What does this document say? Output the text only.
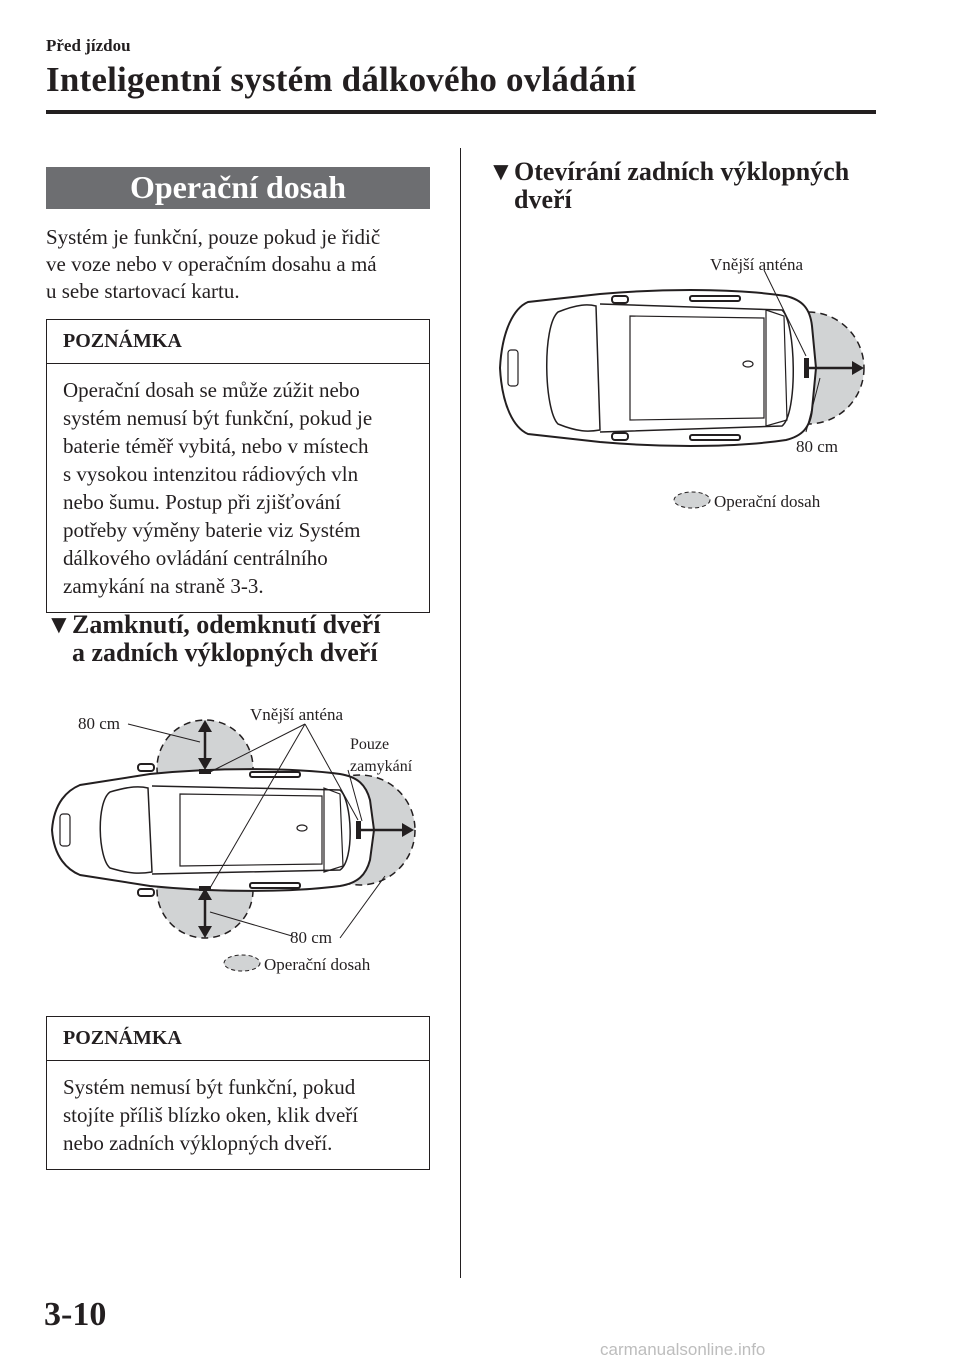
Před jízdou
Inteligentní systém dálkového ovládání
Operační dosah
Systém je funkční, pouze pokud je řidič
ve voze nebo v operačním dosahu a má
u sebe startovací kartu.
POZNÁMKA
Operační dosah se může zúžit nebo
systém nemusí být funkční, pokud je
baterie téměř vybitá, nebo v místech
s vysokou intenzitou rádiových vln
nebo šumu. Postup při zjišťování
potřeby výměny baterie viz Systém
dálkového ovládání centrálního
zamykání na straně 3-3.
▼Zamknutí, odemknutí dveří
a zadních výklopných dveří
80 cm	Vnější anténa
Pouze
zamykání
80 cm
Operační dosah
POZNÁMKA
Systém nemusí být funkční, pokud
stojíte příliš blízko oken, klik dveří
nebo zadních výklopných dveří.
▼Otevírání zadních výklopných
dveří
Vnější anténa
80 cm
Operační dosah
3-10
carmanualsonline.info
